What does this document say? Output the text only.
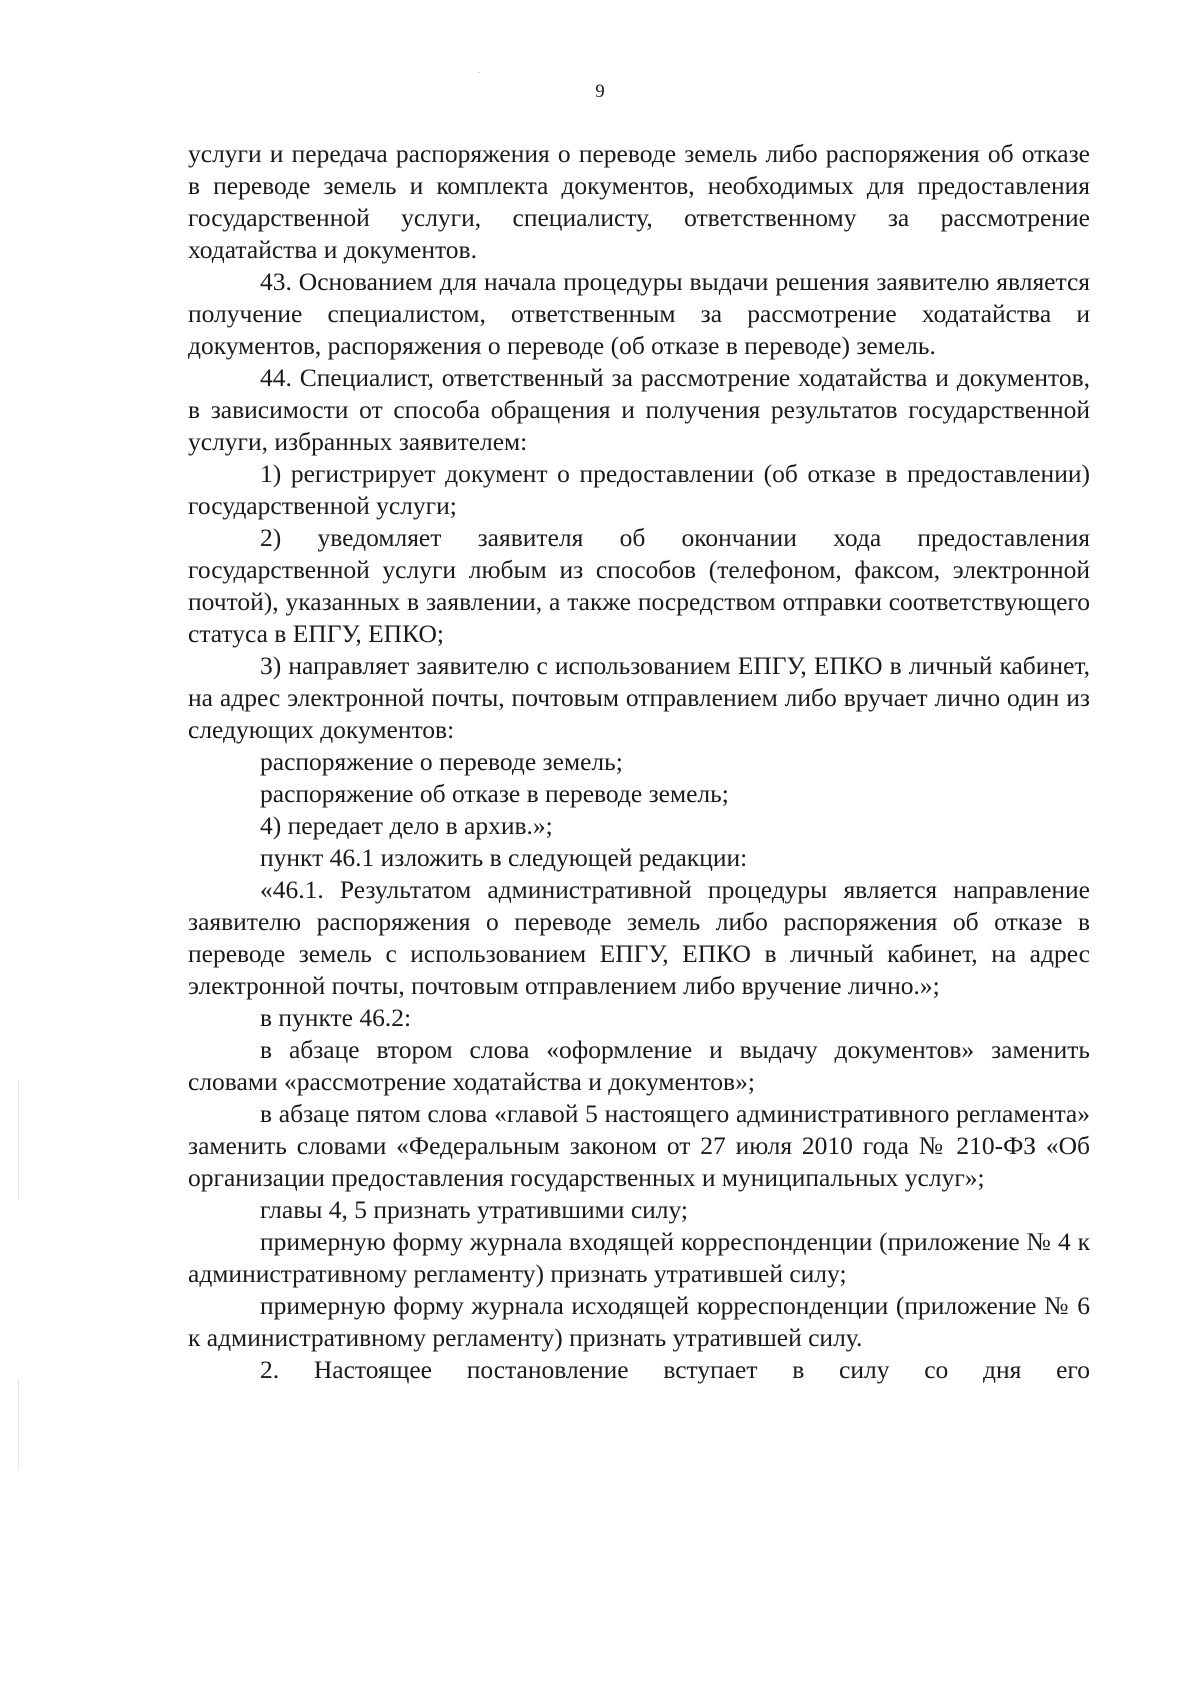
9

услуги и передача распоряжения о переводе земель либо распоряжения об отказе в переводе земель и комплекта документов, необходимых для предоставления государственной услуги, специалисту, ответственному за рассмотрение ходатайства и документов.

43. Основанием для начала процедуры выдачи решения заявителю является получение специалистом, ответственным за рассмотрение ходатайства и документов, распоряжения о переводе (об отказе в переводе) земель.

44. Специалист, ответственный за рассмотрение ходатайства и документов, в зависимости от способа обращения и получения результатов государственной услуги, избранных заявителем:

1) регистрирует документ о предоставлении (об отказе в предоставлении) государственной услуги;

2) уведомляет заявителя об окончании хода предоставления государственной услуги любым из способов (телефоном, факсом, электронной почтой), указанных в заявлении, а также посредством отправки соответствующего статуса в ЕПГУ, ЕПКО;

3) направляет заявителю с использованием ЕПГУ, ЕПКО в личный кабинет, на адрес электронной почты, почтовым отправлением либо вручает лично один из следующих документов:

распоряжение о переводе земель;

распоряжение об отказе в переводе земель;

4) передает дело в архив.»;

пункт 46.1 изложить в следующей редакции:

«46.1. Результатом административной процедуры является направление заявителю распоряжения о переводе земель либо распоряжения об отказе в переводе земель с использованием ЕПГУ, ЕПКО в личный кабинет, на адрес электронной почты, почтовым отправлением либо вручение лично.»;

в пункте 46.2:

в абзаце втором слова «оформление и выдачу документов» заменить словами «рассмотрение ходатайства и документов»;

в абзаце пятом слова «главой 5 настоящего административного регламента» заменить словами «Федеральным законом от 27 июля 2010 года № 210-ФЗ «Об организации предоставления государственных и муниципальных услуг»;

главы 4, 5 признать утратившими силу;

примерную форму журнала входящей корреспонденции (приложение № 4 к административному регламенту) признать утратившей силу;

примерную форму журнала исходящей корреспонденции (приложение № 6 к административному регламенту) признать утратившей силу.

2. Настоящее постановление вступает в силу со дня его
